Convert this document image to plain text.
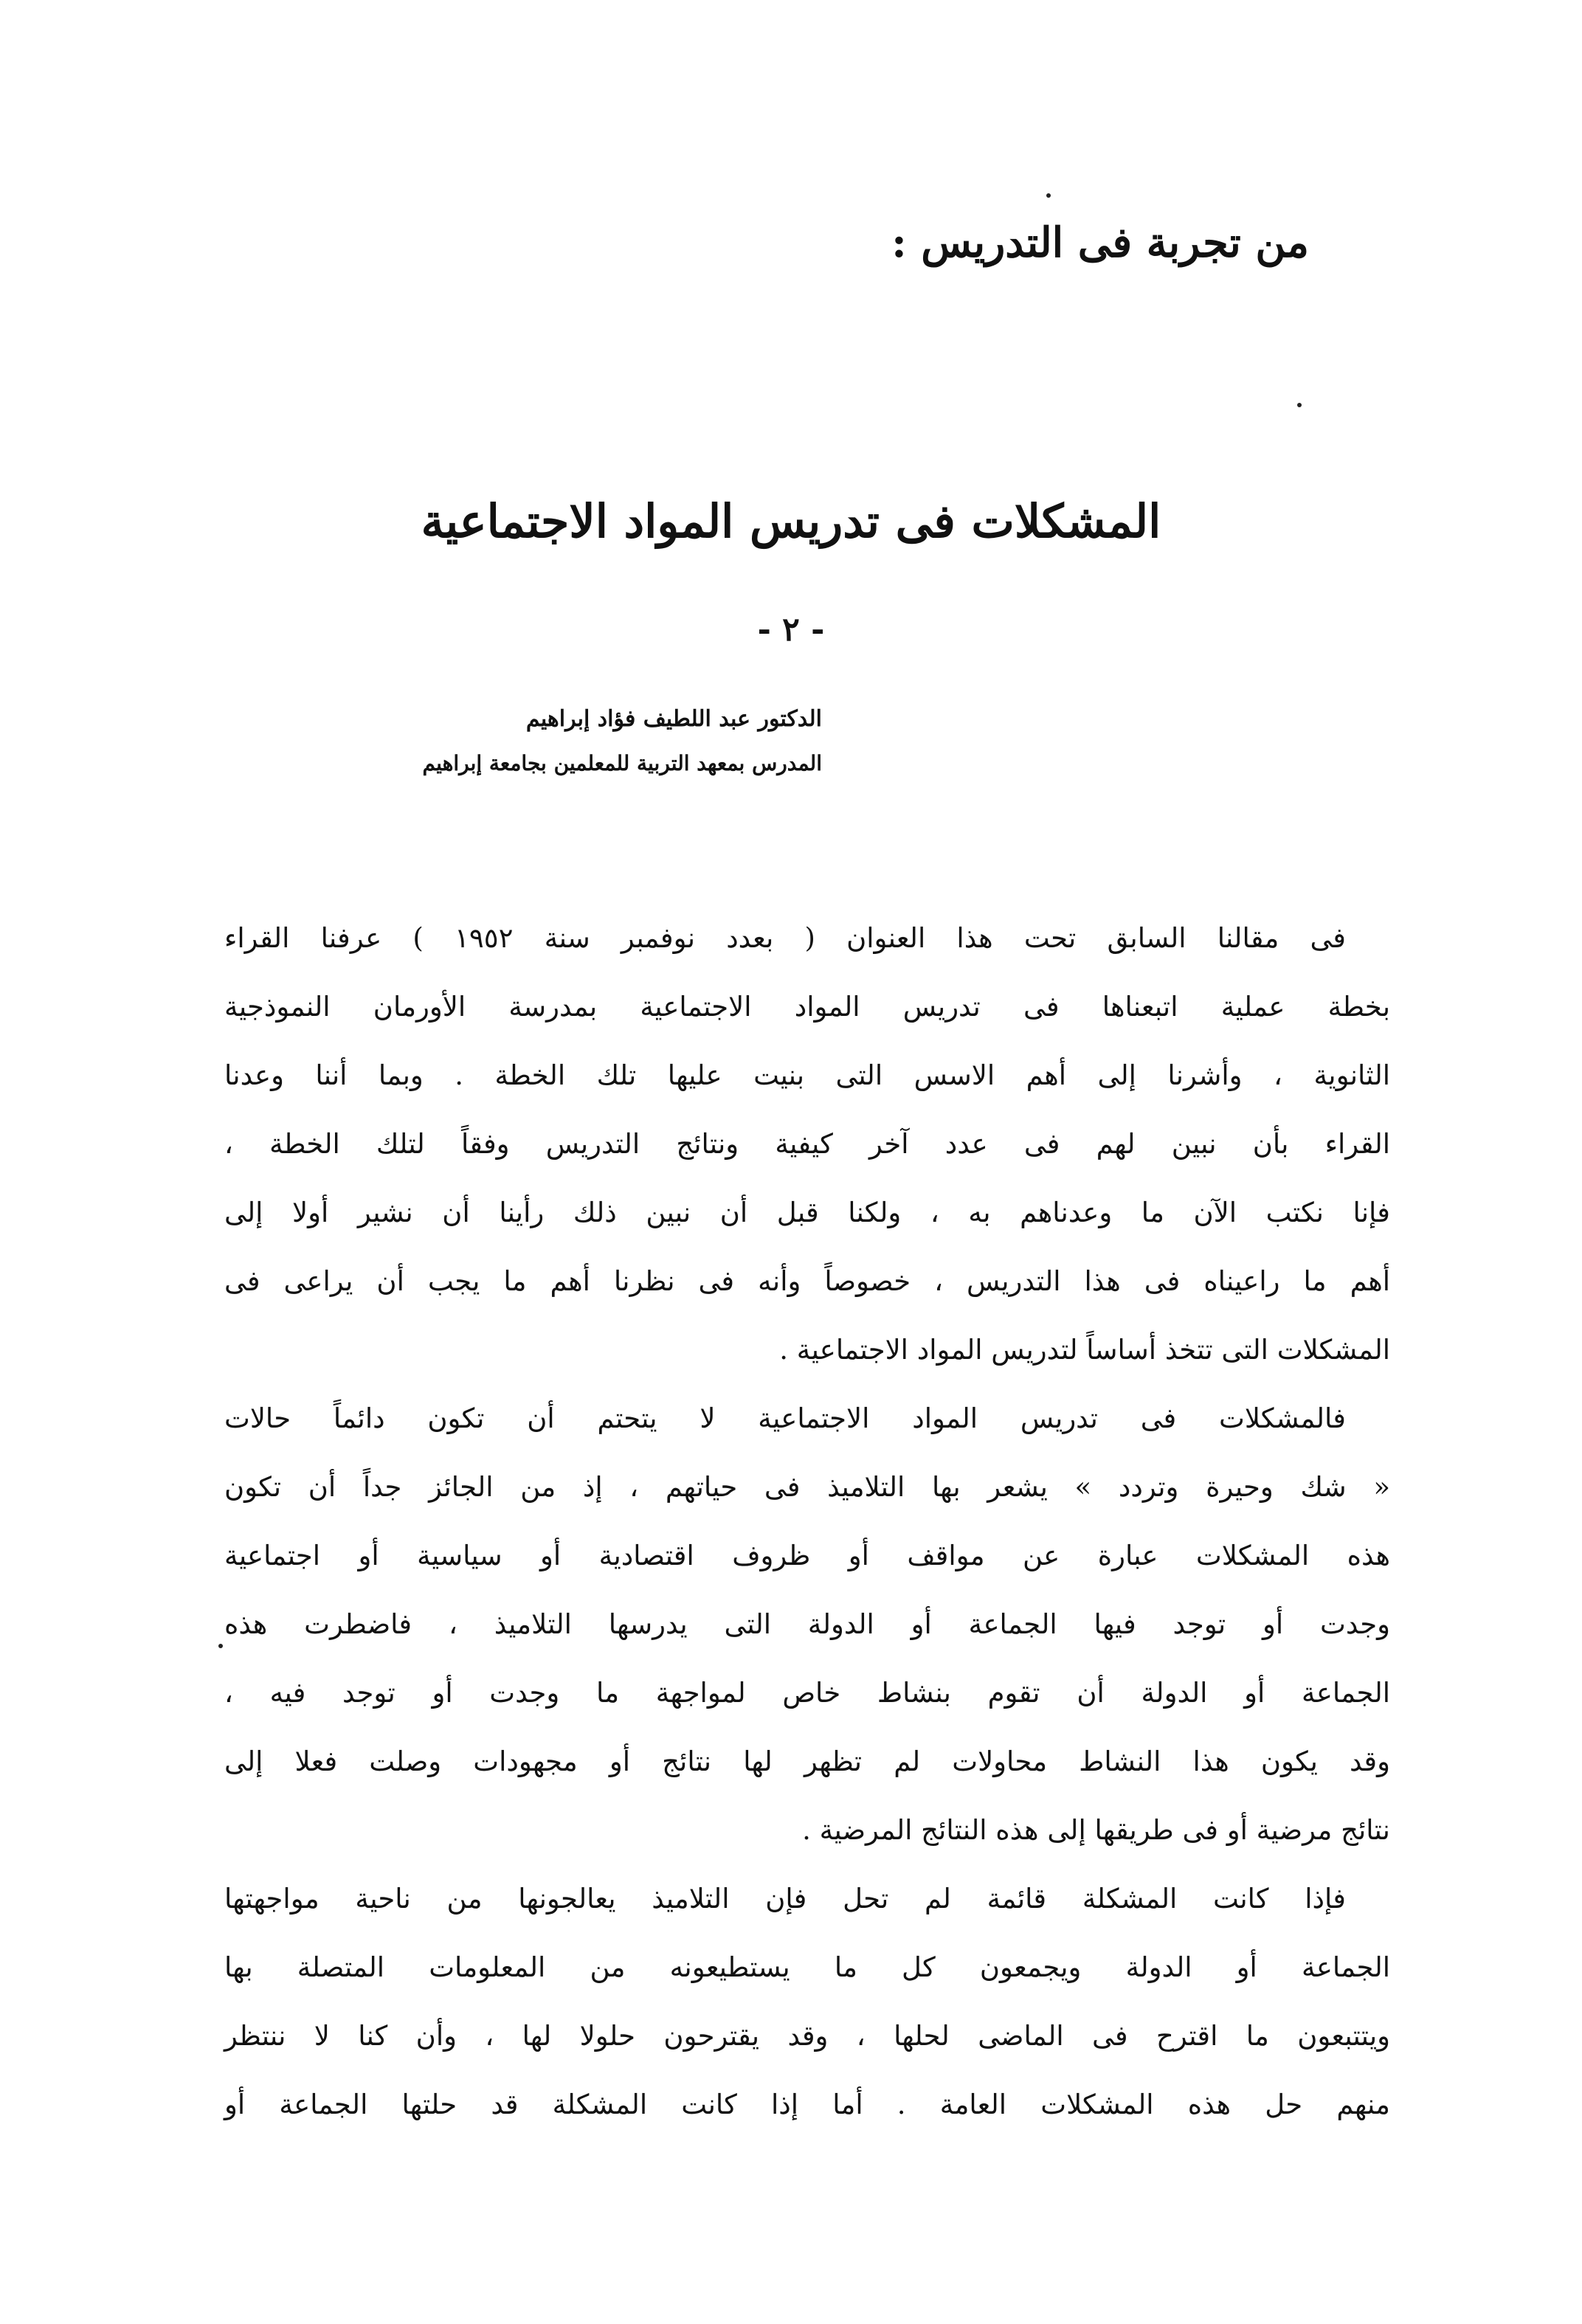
من تجربة فى التدريس :
المشكلات فى تدريس المواد الاجتماعية
- ٢ -
الدكتور عبد اللطيف فؤاد إبراهيم
المدرس بمعهد التربية للمعلمين بجامعة إبراهيم

فى مقالنا السابق تحت هذا العنوان ( بعدد نوفمبر سنة ١٩٥٢ ) عرفنا القراء
بخطة عملية اتبعناها فى تدريس المواد الاجتماعية بمدرسة الأورمان النموذجية
الثانوية ، وأشرنا إلى أهم الاسس التى بنيت عليها تلك الخطة . وبما أننا وعدنا
القراء بأن نبين لهم فى عدد آخر كيفية ونتائج التدريس وفقاً لتلك الخطة ،
فإنا نكتب الآن ما وعدناهم به ، ولكنا قبل أن نبين ذلك رأينا أن نشير أولا إلى
أهم ما راعيناه فى هذا التدريس ، خصوصاً وأنه فى نظرنا أهم ما يجب أن يراعى فى
المشكلات التى تتخذ أساساً لتدريس المواد الاجتماعية .

فالمشكلات فى تدريس المواد الاجتماعية لا يتحتم أن تكون دائماً حالات
« شك وحيرة وتردد » يشعر بها التلاميذ فى حياتهم ، إذ من الجائز جداً أن تكون
هذه المشكلات عبارة عن مواقف أو ظروف اقتصادية أو سياسية أو اجتماعية
وجدت أو توجد فيها الجماعة أو الدولة التى يدرسها التلاميذ ، فاضطرت هذه
الجماعة أو الدولة أن تقوم بنشاط خاص لمواجهة ما وجدت أو توجد فيه ،
وقد يكون هذا النشاط محاولات لم تظهر لها نتائج أو مجهودات وصلت فعلا إلى
نتائج مرضية أو فى طريقها إلى هذه النتائج المرضية .

فإذا كانت المشكلة قائمة لم تحل فإن التلاميذ يعالجونها من ناحية مواجهتها
الجماعة أو الدولة ويجمعون كل ما يستطيعونه من المعلومات المتصلة بها
ويتتبعون ما اقترح فى الماضى لحلها ، وقد يقترحون حلولا لها ، وأن كنا لا ننتظر
منهم حل هذه المشكلات العامة . أما إذا كانت المشكلة قد حلتها الجماعة أو
